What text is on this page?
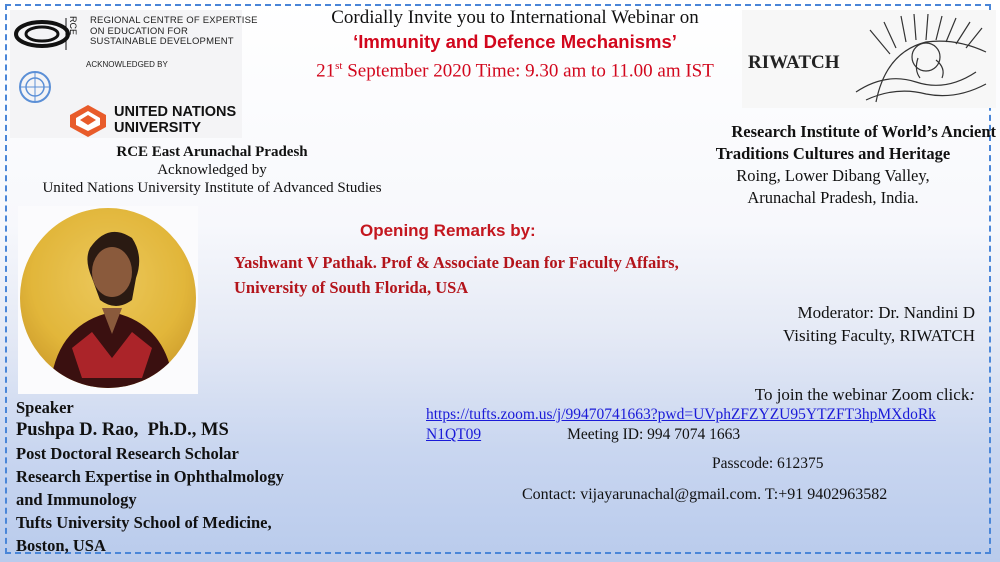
RCE	REGIONAL CENTRE OF EXPERTISE
ON EDUCATION FOR
SUSTAINABLE DEVELOPMENT
ACKNOWLEDGED BY
UNITED NATIONS
UNIVERSITY
RCE East Arunachal Pradesh
Acknowledged by
United Nations University Institute of Advanced Studies
Cordially Invite you to International Webinar on
‘Immunity and Defence Mechanisms’
21st September 2020 Time: 9.30 am to 11.00 am IST	RIWATCH
Research Institute of World’s Ancient
Traditions Cultures and Heritage
Roing, Lower Dibang Valley,
Arunachal Pradesh, India.
Opening Remarks by:
Yashwant V Pathak. Prof & Associate Dean for Faculty Affairs,
University of South Florida, USA
Moderator: Dr. Nandini D
Visiting Faculty, RIWATCH
To join the webinar Zoom click:
https://tufts.zoom.us/j/99470741663?pwd=UVphZFZYZU95YTZFT3hpMXdoRk
N1QT09	Meeting ID: 994 7074 1663
Passcode: 612375
Contact: vijayarunachal@gmail.com. T:+91 9402963582
Speaker
Pushpa D. Rao,  Ph.D., MS
Post Doctoral Research Scholar
Research Expertise in Ophthalmology
and Immunology
Tufts University School of Medicine,
Boston, USA
